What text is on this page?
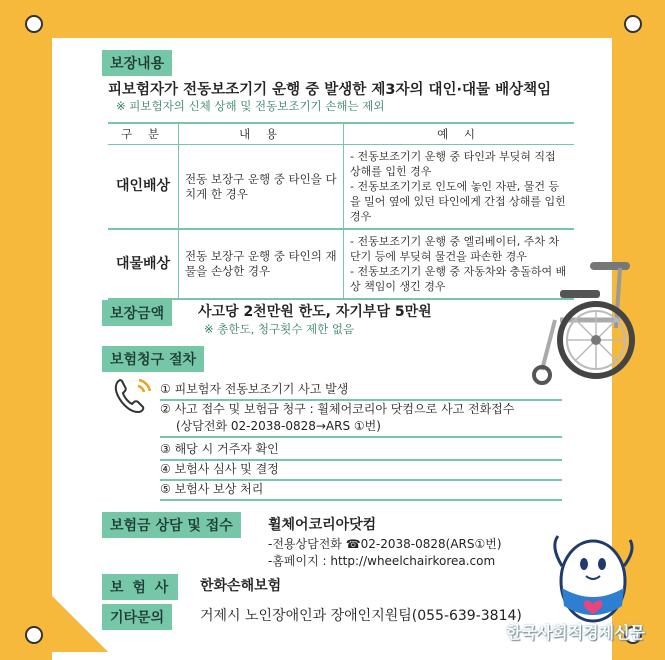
보장내용
피보험자가 전동보조기기 운행 중 발생한 제3자의 대인·대물 배상책임
※ 피보험자의 신체 상해 및 전동보조기기 손해는 제외
구 분	내 용	예 시
대인배상	전동 보장구 운행 중 타인을 다치게 한 경우	- 전동보조기기 운행 중 타인과 부딪혀 직접 상해를 입힌 경우
- 전동보조기기로 인도에 놓인 자판, 물건 등을 밀어 옆에 있던 타인에게 간접 상해를 입힌 경우

대물배상	전동 보장구 운행 중 타인의 재물을 손상한 경우	- 전동보조기기 운행 중 엘리베이터, 주차 차단기 등에 부딪혀 물건을 파손한 경우
- 전동보조기기 운행 중 자동차와 충돌하여 배상 책임이 생긴 경우
보장금액	사고당 2천만원 한도, 자기부담 5만원
※ 총한도, 청구횟수 제한 없음
보험청구 절차
① 피보험자 전동보조기기 사고 발생
② 사고 접수 및 보험금 청구 : 휠체어코리아 닷컴으로 사고 전화접수
(상담전화 02-2038-0828→ARS ①번)
③ 해당 시 거주자 확인
④ 보험사 심사 및 결정
⑤ 보험사 보상 처리
보험금 상담 및 접수	휠체어코리아닷컴
-전용상담전화 ☎02-2038-0828(ARS①번)
-홈페이지 : http://wheelchairkorea.com
보 험 사	한화손해보험
기타문의	거제시 노인장애인과 장애인지원팀(055-639-3814)
한국사회적경제신문
